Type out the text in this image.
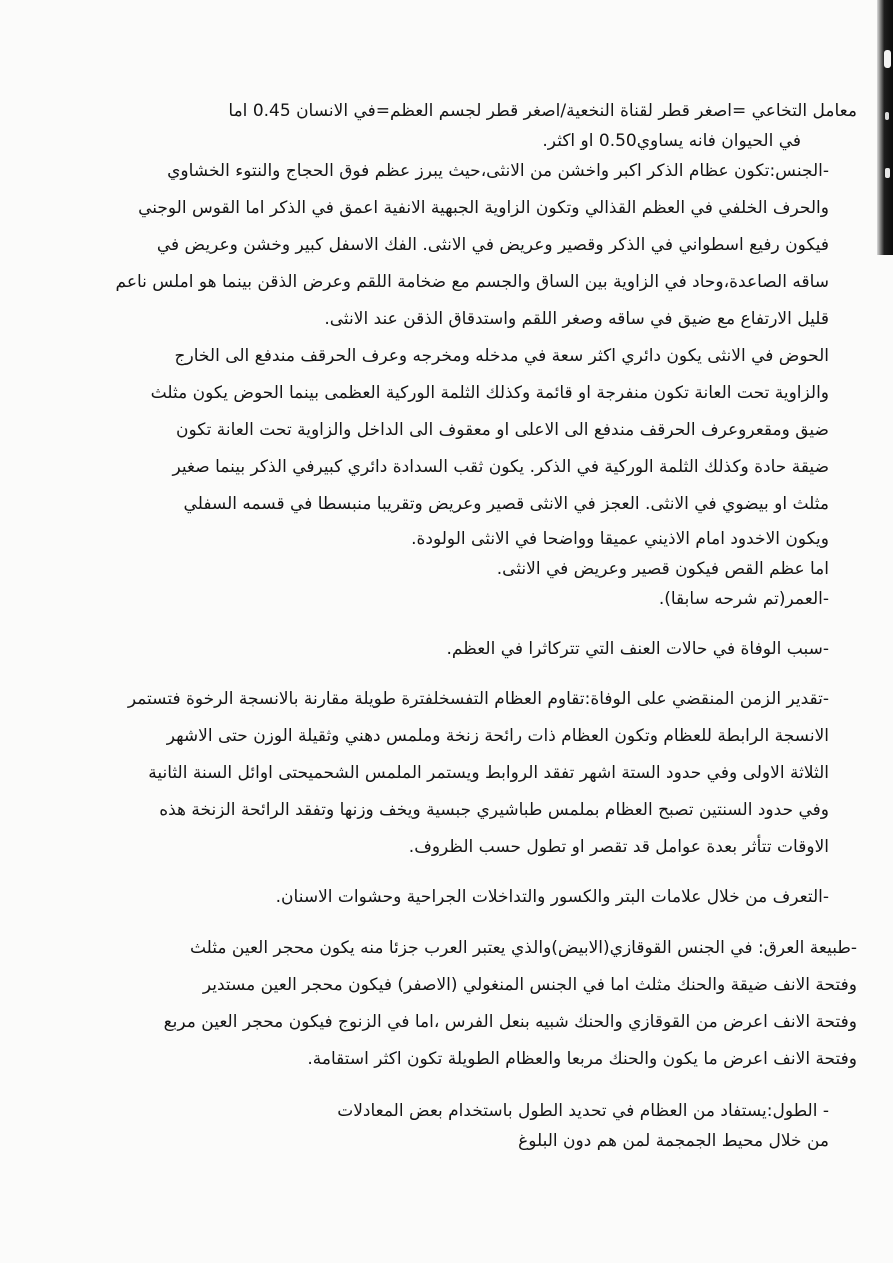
معامل التخاعي =اصغر قطر لقناة النخعية/اصغر قطر لجسم العظم=في الانسان 0.45 اما
في الحيوان فانه يساوي0.50 او اكثر.
-الجنس:تكون عظام الذكر اكبر واخشن من الانثى،حيث يبرز عظم فوق الحجاج والنتوء الخشاوي
والحرف الخلفي في العظم القذالي وتكون الزاوية الجبهية الانفية اعمق في الذكر اما القوس الوجني
فيكون رفيع اسطواني في الذكر وقصير وعريض في الانثى. الفك الاسفل كبير وخشن وعريض في
ساقه الصاعدة،وحاد في الزاوية بين الساق والجسم مع ضخامة اللقم وعرض الذقن بينما هو املس ناعم
قليل الارتفاع مع ضيق في ساقه وصغر اللقم واستدقاق الذقن عند الانثى.
الحوض في الانثى يكون دائري اكثر سعة في مدخله ومخرجه وعرف الحرقف مندفع الى الخارج
والزاوية تحت العانة تكون منفرجة او قائمة وكذلك الثلمة الوركية العظمى بينما الحوض يكون مثلث
ضيق ومقعروعرف الحرقف مندفع الى الاعلى او معقوف الى الداخل والزاوية تحت العانة تكون
ضيقة حادة وكذلك الثلمة الوركية في الذكر. يكون ثقب السدادة دائري كبيرفي الذكر بينما صغير
مثلث او بيضوي في الانثى. العجز في الانثى قصير وعريض وتقريبا منبسطا في قسمه السفلي
ويكون الاخدود امام الاذيني عميقا وواضحا في الانثى الولودة.
اما عظم القص فيكون قصير وعريض في الانثى.
-العمر(تم شرحه سابقا).
-سبب الوفاة في حالات العنف التي تتركاثرا في العظم.
-تقدير الزمن المنقضي على الوفاة:تقاوم العظام التفسخلفترة طويلة مقارنة بالانسجة الرخوة فتستمر
الانسجة الرابطة للعظام وتكون العظام ذات رائحة زنخة وملمس دهني وثقيلة الوزن حتى الاشهر
الثلاثة الاولى وفي حدود الستة اشهر تفقد الروابط ويستمر الملمس الشحميحتى اوائل السنة الثانية
وفي حدود السنتين تصبح العظام بملمس طباشيري جبسية ويخف وزنها وتفقد الرائحة الزنخة هذه
الاوقات تتأثر بعدة عوامل قد تقصر او تطول حسب الظروف.
-التعرف من خلال علامات البتر والكسور والتداخلات الجراحية وحشوات الاسنان.
-طبيعة العرق: في الجنس القوقازي(الابيض)والذي يعتبر العرب جزئا منه يكون محجر العين مثلث
وفتحة الانف ضيقة والحنك مثلث اما في الجنس المنغولي (الاصفر) فيكون محجر العين مستدير
وفتحة الانف اعرض من القوقازي والحنك شبيه بنعل الفرس ،اما في الزنوج فيكون محجر العين مربع
وفتحة الانف اعرض ما يكون والحنك مربعا والعظام الطويلة تكون اكثر استقامة.
- الطول:يستفاد من العظام في تحديد الطول باستخدام بعض المعادلات
من خلال محيط الجمجمة لمن هم دون البلوغ
